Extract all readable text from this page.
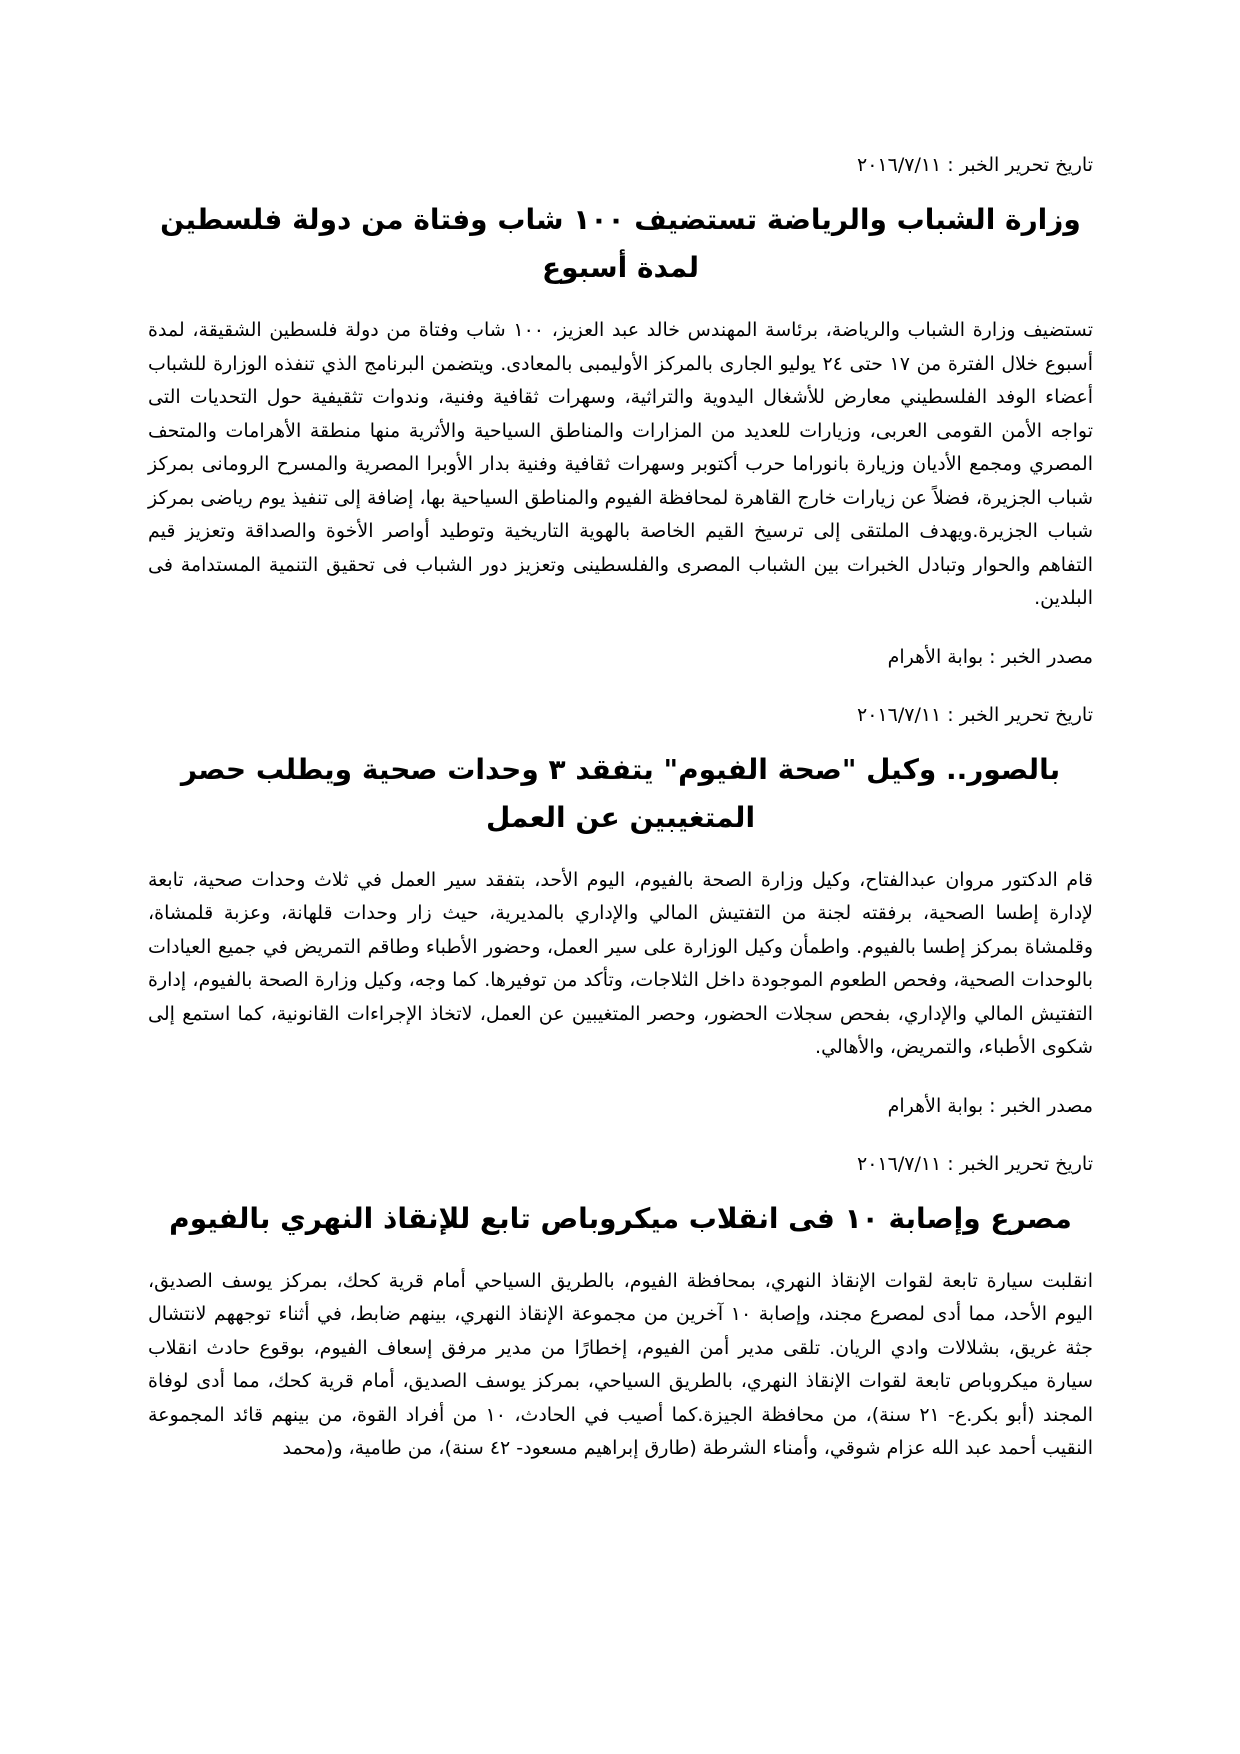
تاريخ تحرير الخبر : ٢٠١٦/٧/١١

وزارة الشباب والرياضة تستضيف ١٠٠ شاب وفتاة من دولة فلسطين لمدة أسبوع

تستضيف وزارة الشباب والرياضة، برئاسة المهندس خالد عبد العزيز، ١٠٠ شاب وفتاة من دولة فلسطين الشقيقة، لمدة أسبوع خلال الفترة من ١٧ حتى ٢٤ يوليو الجارى بالمركز الأوليمبى بالمعادى. ويتضمن البرنامج الذي تنفذه الوزارة للشباب أعضاء الوفد الفلسطيني معارض للأشغال اليدوية والتراثية، وسهرات ثقافية وفنية، وندوات تثقيفية حول التحديات التى تواجه الأمن القومى العربى، وزيارات للعديد من المزارات والمناطق السياحية والأثرية منها منطقة الأهرامات والمتحف المصري ومجمع الأديان وزيارة بانوراما حرب أكتوبر وسهرات ثقافية وفنية بدار الأوبرا المصرية والمسرح الرومانى بمركز شباب الجزيرة، فضلاً عن زيارات خارج القاهرة لمحافظة الفيوم والمناطق السياحية بها، إضافة إلى تنفيذ يوم رياضى بمركز شباب الجزيرة.ويهدف الملتقى إلى ترسيخ القيم الخاصة بالهوية التاريخية وتوطيد أواصر الأخوة والصداقة وتعزيز قيم التفاهم والحوار وتبادل الخبرات بين الشباب المصرى والفلسطينى وتعزيز دور الشباب فى تحقيق التنمية المستدامة فى البلدين.

مصدر الخبر : بوابة الأهرام

تاريخ تحرير الخبر : ٢٠١٦/٧/١١

بالصور.. وكيل "صحة الفيوم" يتفقد ٣ وحدات صحية ويطلب حصر المتغيبين عن العمل

قام الدكتور مروان عبدالفتاح، وكيل وزارة الصحة بالفيوم، اليوم الأحد، بتفقد سير العمل في ثلاث وحدات صحية، تابعة لإدارة إطسا الصحية، برفقته لجنة من التفتيش المالي والإداري بالمديرية، حيث زار وحدات قلهانة، وعزبة قلمشاة، وقلمشاة بمركز إطسا بالفيوم. واطمأن وكيل الوزارة على سير العمل، وحضور الأطباء وطاقم التمريض في جميع العيادات بالوحدات الصحية، وفحص الطعوم الموجودة داخل الثلاجات، وتأكد من توفيرها. كما وجه، وكيل وزارة الصحة بالفيوم، إدارة التفتيش المالي والإداري، بفحص سجلات الحضور، وحصر المتغيبين عن العمل، لاتخاذ الإجراءات القانونية، كما استمع إلى شكوى الأطباء، والتمريض، والأهالي.

مصدر الخبر : بوابة الأهرام

تاريخ تحرير الخبر : ٢٠١٦/٧/١١

مصرع وإصابة ١٠ فى انقلاب ميكروباص تابع للإنقاذ النهري بالفيوم

انقلبت سيارة تابعة لقوات الإنقاذ النهري، بمحافظة الفيوم، بالطريق السياحي أمام قرية كحك، بمركز يوسف الصديق، اليوم الأحد، مما أدى لمصرع مجند، وإصابة ١٠ آخرين من مجموعة الإنقاذ النهري، بينهم ضابط، في أثناء توجههم لانتشال جثة غريق، بشلالات وادي الريان. تلقى مدير أمن الفيوم، إخطارًا من مدير مرفق إسعاف الفيوم، بوقوع حادث انقلاب سيارة ميكروباص تابعة لقوات الإنقاذ النهري، بالطريق السياحي، بمركز يوسف الصديق، أمام قرية كحك، مما أدى لوفاة المجند (أبو بكر.ع- ٢١ سنة)، من محافظة الجيزة.كما أصيب في الحادث، ١٠ من أفراد القوة، من بينهم قائد المجموعة النقيب أحمد عبد الله عزام شوقي، وأمناء الشرطة (طارق إبراهيم مسعود- ٤٢ سنة)، من طامية، و(محمد
